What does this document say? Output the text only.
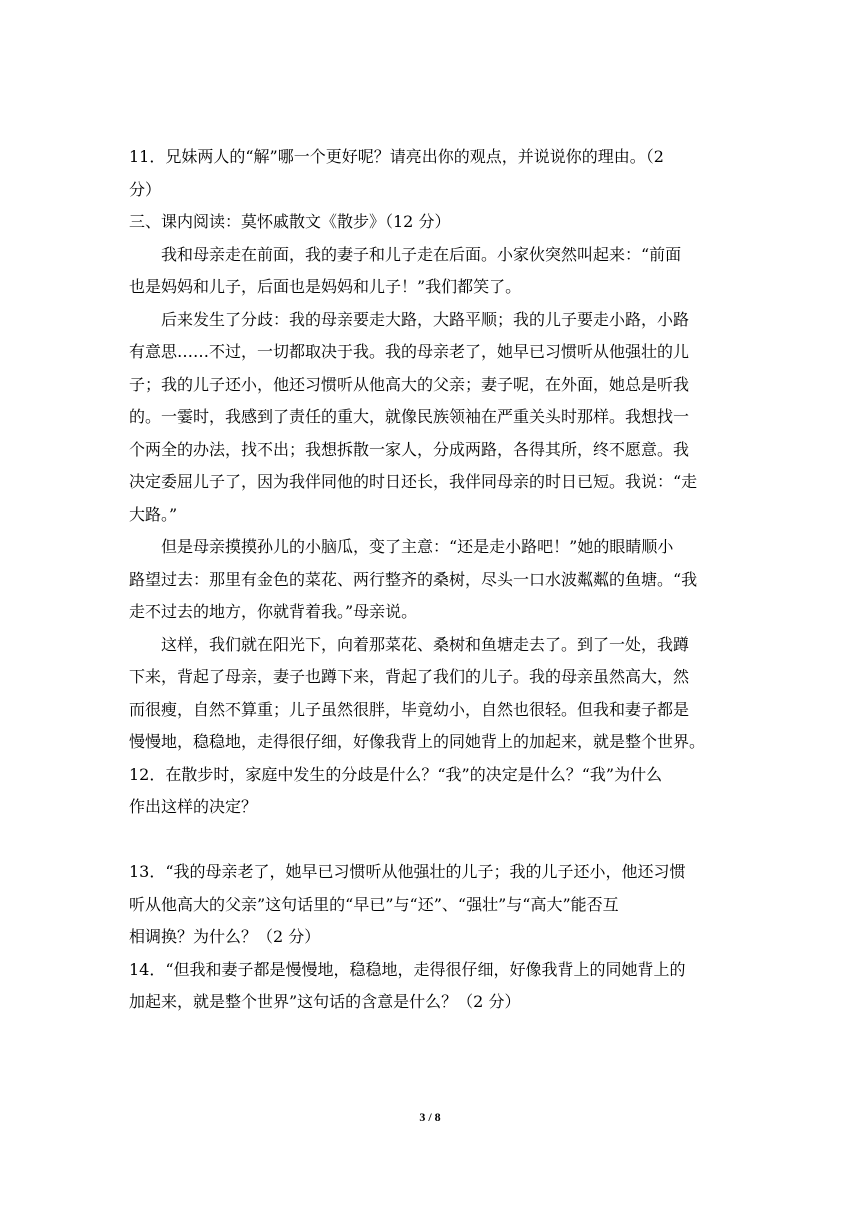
11．兄妹两人的“解”哪一个更好呢？请亮出你的观点，并说说你的理由。（2
分）
三、课内阅读：莫怀戚散文《散步》（12 分）
我和母亲走在前面，我的妻子和儿子走在后面。小家伙突然叫起来：“前面
也是妈妈和儿子，后面也是妈妈和儿子！”我们都笑了。
后来发生了分歧：我的母亲要走大路，大路平顺；我的儿子要走小路，小路
有意思……不过，一切都取决于我。我的母亲老了，她早已习惯听从他强壮的儿
子；我的儿子还小，他还习惯听从他高大的父亲；妻子呢，在外面，她总是听我
的。一霎时，我感到了责任的重大，就像民族领袖在严重关头时那样。我想找一
个两全的办法，找不出；我想拆散一家人，分成两路，各得其所，终不愿意。我
决定委屈儿子了，因为我伴同他的时日还长，我伴同母亲的时日已短。我说：“走
大路。”
但是母亲摸摸孙儿的小脑瓜，变了主意：“还是走小路吧！”她的眼睛顺小
路望过去：那里有金色的菜花、两行整齐的桑树，尽头一口水波粼粼的鱼塘。“我
走不过去的地方，你就背着我。”母亲说。
这样，我们就在阳光下，向着那菜花、桑树和鱼塘走去了。到了一处，我蹲
下来，背起了母亲，妻子也蹲下来，背起了我们的儿子。我的母亲虽然高大，然
而很瘦，自然不算重；儿子虽然很胖，毕竟幼小，自然也很轻。但我和妻子都是
慢慢地，稳稳地，走得很仔细，好像我背上的同她背上的加起来，就是整个世界。
12．在散步时，家庭中发生的分歧是什么？“我”的决定是什么？“我”为什么
作出这样的决定？
13．“我的母亲老了，她早已习惯听从他强壮的儿子；我的儿子还小，他还习惯
听从他高大的父亲”这句话里的“早已”与“还”、“强壮”与“高大”能否互
相调换？为什么？（2 分）
14．“但我和妻子都是慢慢地，稳稳地，走得很仔细，好像我背上的同她背上的
加起来，就是整个世界”这句话的含意是什么？（2 分）
3 / 8
